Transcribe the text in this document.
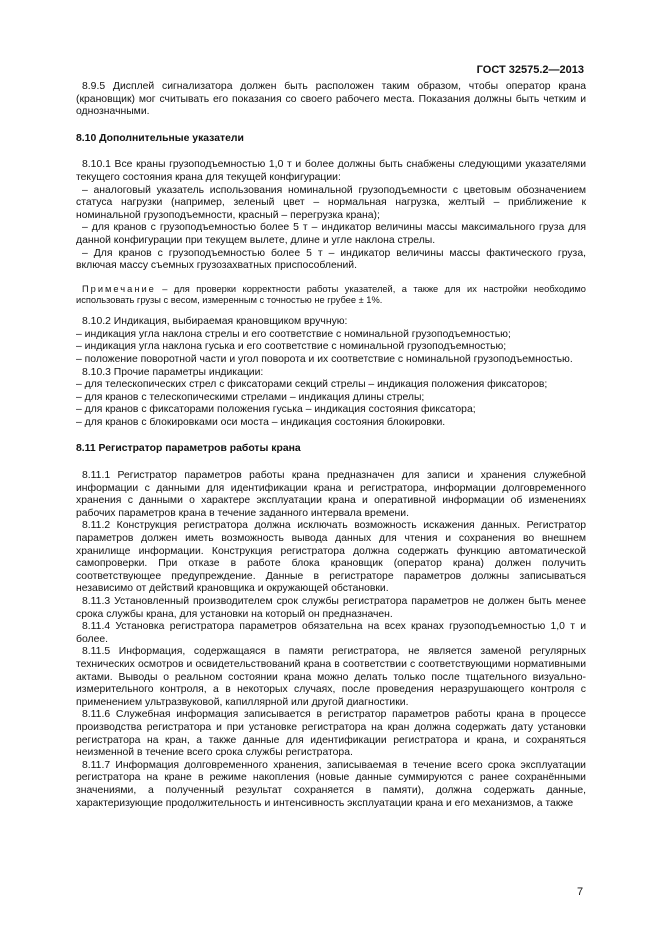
ГОСТ 32575.2—2013
8.9.5 Дисплей сигнализатора должен быть расположен таким образом, чтобы оператор крана (крановщик) мог считывать его показания со своего рабочего места. Показания должны быть четким и однозначными.
8.10 Дополнительные указатели
8.10.1 Все краны грузоподъемностью 1,0 т и более должны быть снабжены следующими указателями текущего состояния крана для текущей конфигурации:
– аналоговый указатель использования номинальной грузоподъемности с цветовым обозначением статуса нагрузки (например, зеленый цвет – нормальная нагрузка, желтый – приближение к номинальной грузоподъемности, красный – перегрузка крана);
– для кранов с грузоподъемностью более 5 т – индикатор величины массы максимального груза для данной конфигурации при текущем вылете, длине и угле наклона стрелы.
– Для кранов с грузоподъемностью более 5 т – индикатор величины массы фактического груза, включая массу съемных грузозахватных приспособлений.
Примечание – для проверки корректности работы указателей, а также для их настройки необходимо использовать грузы с весом, измеренным с точностью не грубее ± 1%.
8.10.2 Индикация, выбираемая крановщиком вручную:
– индикация угла наклона стрелы и его соответствие с номинальной грузоподъемностью;
– индикация угла наклона гуська и его соответствие с номинальной грузоподъемностью;
– положение поворотной части и угол поворота и их соответствие с номинальной грузоподъемностью.
8.10.3 Прочие параметры индикации:
– для телескопических стрел с фиксаторами секций стрелы – индикация положения фиксаторов;
– для кранов с телескопическими стрелами – индикация длины стрелы;
– для кранов с фиксаторами положения гуська – индикация состояния фиксатора;
– для кранов с блокировками оси моста – индикация состояния блокировки.
8.11 Регистратор параметров работы крана
8.11.1 Регистратор параметров работы крана предназначен для записи и хранения служебной информации с данными для идентификации крана и регистратора, информации долговременного хранения с данными о характере эксплуатации крана и оперативной информации об изменениях рабочих параметров крана в течение заданного интервала времени.
8.11.2 Конструкция регистратора должна исключать возможность искажения данных. Регистратор параметров должен иметь возможность вывода данных для чтения и сохранения во внешнем хранилище информации. Конструкция регистратора должна содержать функцию автоматической самопроверки. При отказе в работе блока крановщик (оператор крана) должен получить соответствующее предупреждение. Данные в регистраторе параметров должны записываться независимо от действий крановщика и окружающей обстановки.
8.11.3 Установленный производителем срок службы регистратора параметров не должен быть менее срока службы крана, для установки на который он предназначен.
8.11.4 Установка регистратора параметров обязательна на всех кранах грузоподъемностью 1,0 т и более.
8.11.5 Информация, содержащаяся в памяти регистратора, не является заменой регулярных технических осмотров и освидетельствований крана в соответствии с соответствующими нормативными актами. Выводы о реальном состоянии крана можно делать только после тщательного визуально-измерительного контроля, а в некоторых случаях, после проведения неразрушающего контроля с применением ультразвуковой, капиллярной или другой диагностики.
8.11.6 Служебная информация записывается в регистратор параметров работы крана в процессе производства регистратора и при установке регистратора на кран должна содержать дату установки регистратора на кран, а также данные для идентификации регистратора и крана, и сохраняться неизменной в течение всего срока службы регистратора.
8.11.7 Информация долговременного хранения, записываемая в течение всего срока эксплуатации регистратора на кране в режиме накопления (новые данные суммируются с ранее сохранёнными значениями, а полученный результат сохраняется в памяти), должна содержать данные, характеризующие продолжительность и интенсивность эксплуатации крана и его механизмов, а также
7
